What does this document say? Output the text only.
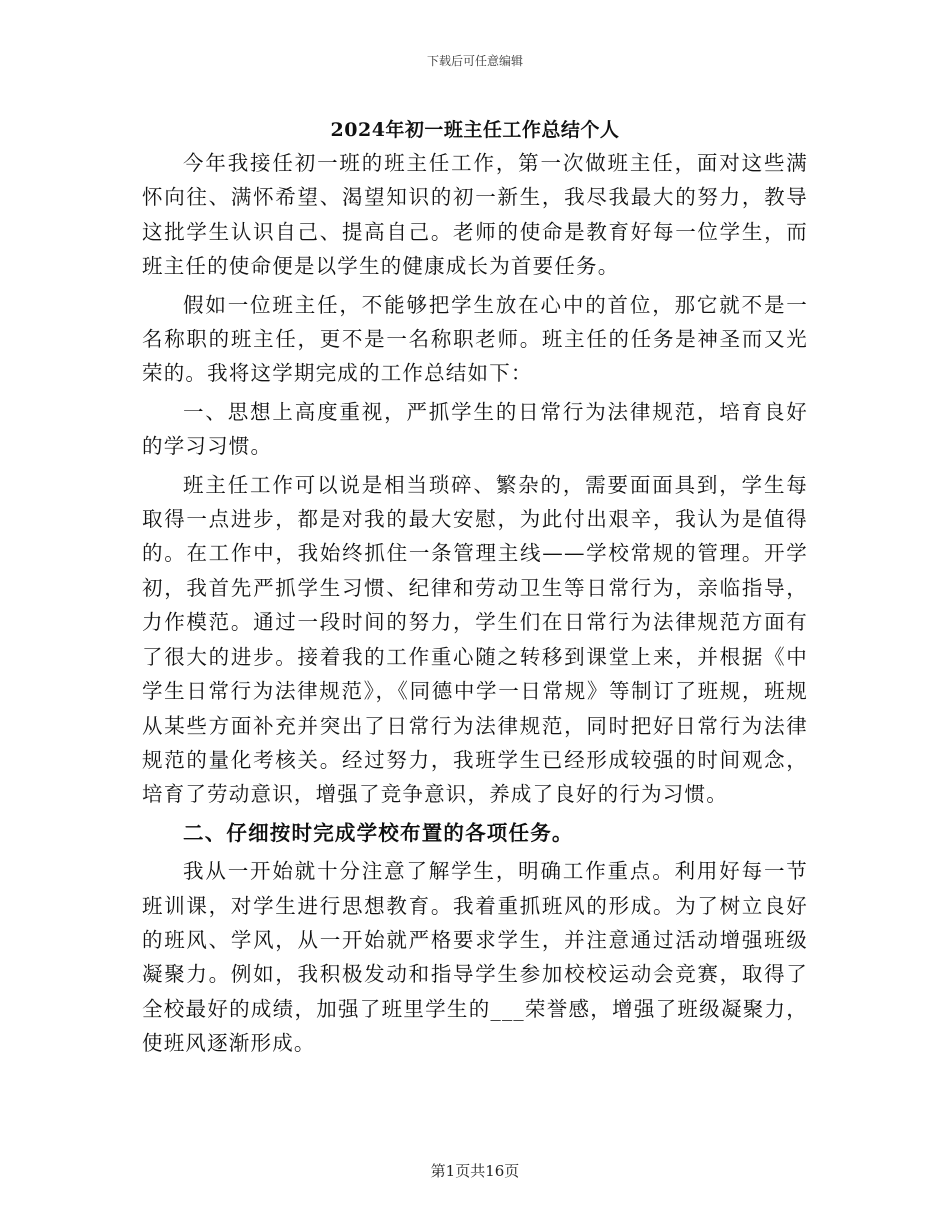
下载后可任意编辑
2024年初一班主任工作总结个人

今年我接任初一班的班主任工作，第一次做班主任，面对这些满怀向往、满怀希望、渴望知识的初一新生，我尽我最大的努力，教导这批学生认识自己、提高自己。老师的使命是教育好每一位学生，而班主任的使命便是以学生的健康成长为首要任务。

假如一位班主任，不能够把学生放在心中的首位，那它就不是一名称职的班主任，更不是一名称职老师。班主任的任务是神圣而又光荣的。我将这学期完成的工作总结如下：

一、思想上高度重视，严抓学生的日常行为法律规范，培育良好的学习习惯。

班主任工作可以说是相当琐碎、繁杂的，需要面面具到，学生每取得一点进步，都是对我的最大安慰，为此付出艰辛，我认为是值得的。在工作中，我始终抓住一条管理主线——学校常规的管理。开学初，我首先严抓学生习惯、纪律和劳动卫生等日常行为，亲临指导，力作模范。通过一段时间的努力，学生们在日常行为法律规范方面有了很大的进步。接着我的工作重心随之转移到课堂上来，并根据《中学生日常行为法律规范》，《同德中学一日常规》等制订了班规，班规从某些方面补充并突出了日常行为法律规范，同时把好日常行为法律规范的量化考核关。经过努力，我班学生已经形成较强的时间观念，培育了劳动意识，增强了竞争意识，养成了良好的行为习惯。

二、仔细按时完成学校布置的各项任务。

我从一开始就十分注意了解学生，明确工作重点。利用好每一节班训课，对学生进行思想教育。我着重抓班风的形成。为了树立良好的班风、学风，从一开始就严格要求学生，并注意通过活动增强班级凝聚力。例如，我积极发动和指导学生参加校校运动会竞赛，取得了全校最好的成绩，加强了班里学生的___荣誉感，增强了班级凝聚力，使班风逐渐形成。

第1页共16页
